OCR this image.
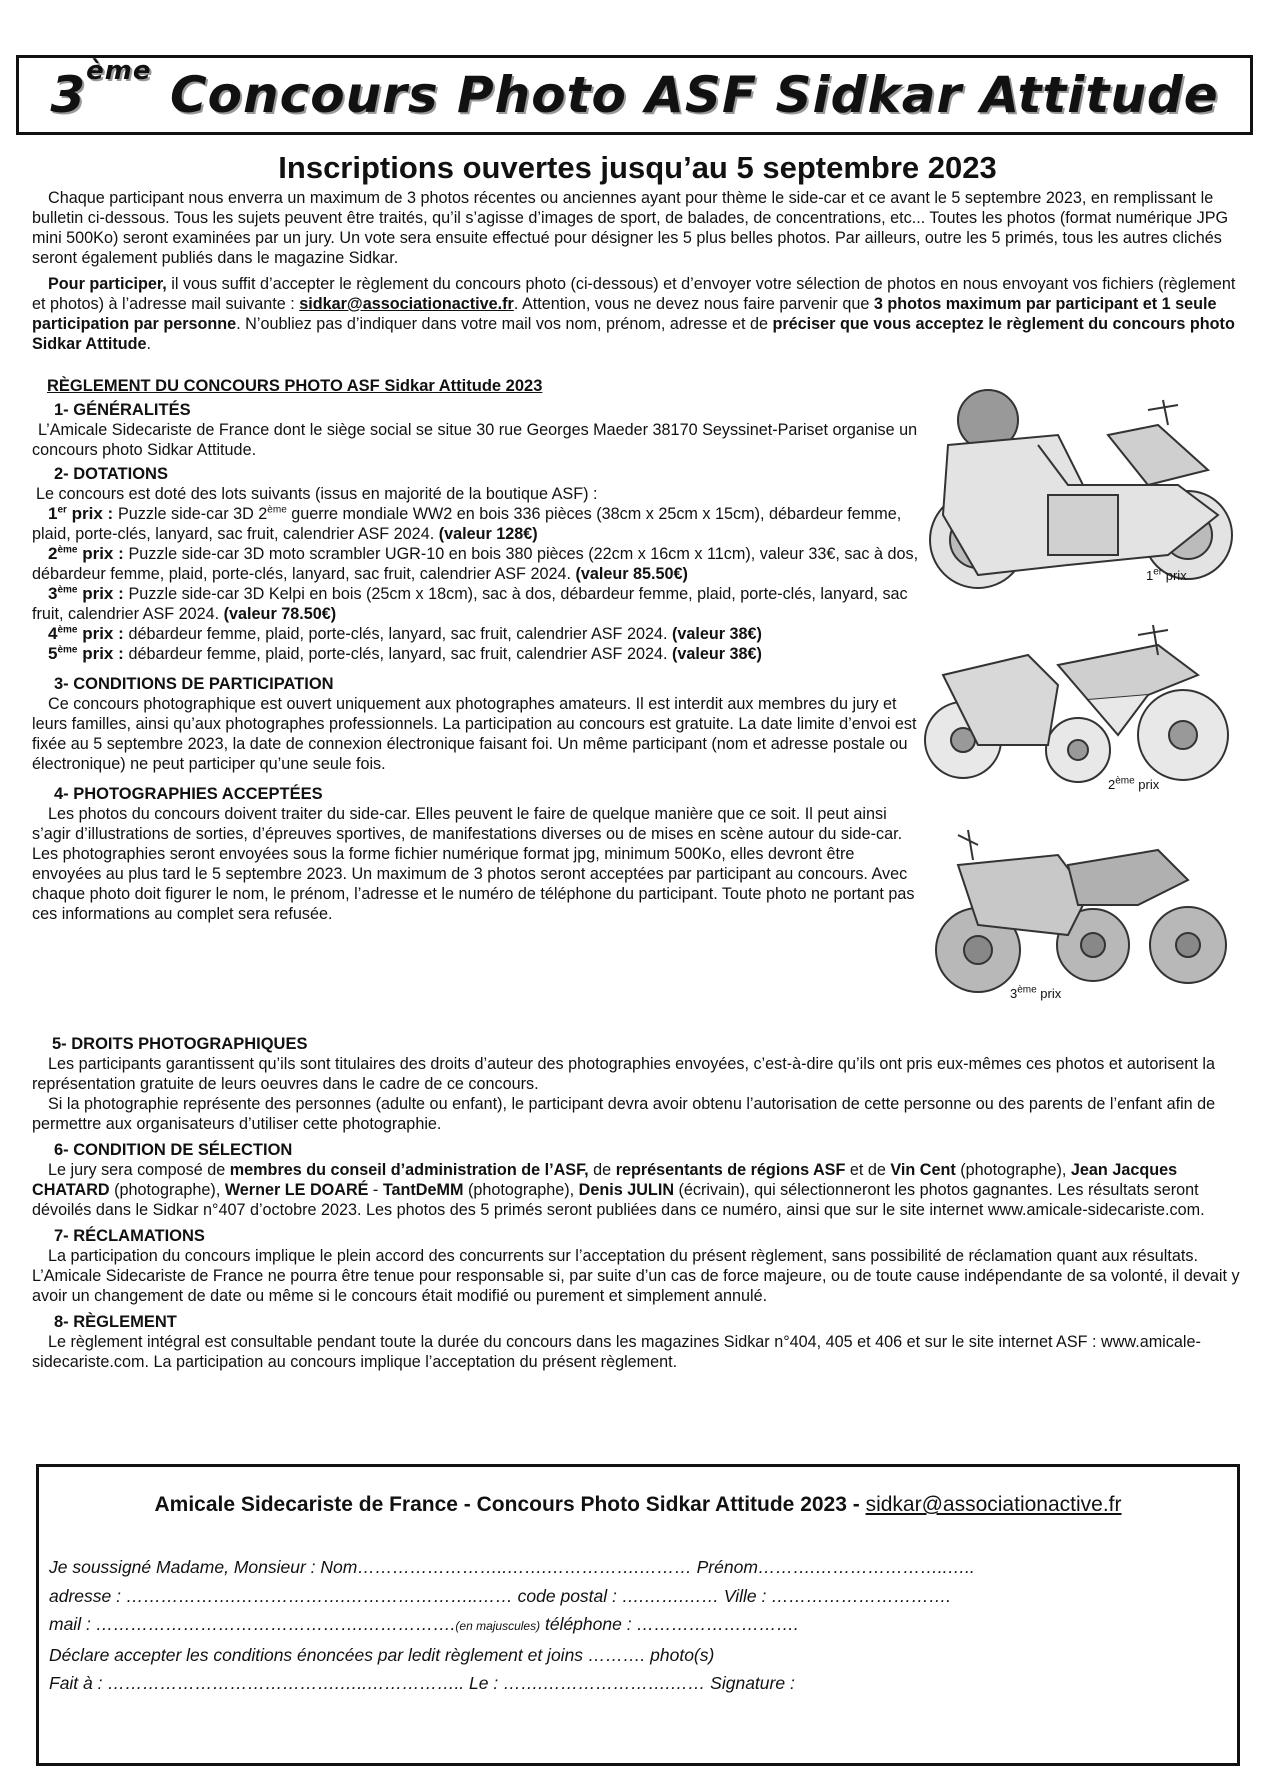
3ème Concours Photo ASF Sidkar Attitude
Inscriptions ouvertes jusqu’au 5 septembre 2023

Chaque participant nous enverra un maximum de 3 photos récentes ou anciennes ayant pour thème le side-car et ce avant le 5 septembre 2023, en remplissant le bulletin ci-dessous. Tous les sujets peuvent être traités, qu’il s’agisse d’images de sport, de balades, de concentrations, etc... Toutes les photos (format numérique JPG mini 500Ko) seront examinées par un jury. Un vote sera ensuite effectué pour désigner les 5 plus belles photos. Par ailleurs, outre les 5 primés, tous les autres clichés seront également publiés dans le magazine Sidkar.

Pour participer, il vous suffit d’accepter le règlement du concours photo (ci-dessous) et d’envoyer votre sélection de photos en nous envoyant vos fichiers (règlement et photos) à l’adresse mail suivante : sidkar@associationactive.fr. Attention, vous ne devez nous faire parvenir que 3 photos maximum par participant et 1 seule participation par personne. N’oubliez pas d’indiquer dans votre mail vos nom, prénom, adresse et de préciser que vous acceptez le règlement du concours photo Sidkar Attitude.

RÈGLEMENT DU CONCOURS PHOTO ASF Sidkar Attitude 2023
1- GÉNÉRALITÉS

L’Amicale Sidecariste de France dont le siège social se situe 30 rue Georges Maeder 38170 Seyssinet-Pariset organise un concours photo Sidkar Attitude.

2- DOTATIONS

Le concours est doté des lots suivants (issus en majorité de la boutique ASF) :

1er prix : Puzzle side-car 3D 2ème guerre mondiale WW2 en bois 336 pièces (38cm x 25cm x 15cm), débardeur femme, plaid, porte-clés, lanyard, sac fruit, calendrier ASF 2024. (valeur 128€)

2ème prix : Puzzle side-car 3D moto scrambler UGR-10 en bois 380 pièces (22cm x 16cm x 11cm), valeur 33€, sac à dos, débardeur femme, plaid, porte-clés, lanyard, sac fruit, calendrier ASF 2024. (valeur 85.50€)

3ème prix : Puzzle side-car 3D Kelpi en bois (25cm x 18cm), sac à dos, débardeur femme, plaid, porte-clés, lanyard, sac fruit, calendrier ASF 2024. (valeur 78.50€)

4ème prix : débardeur femme, plaid, porte-clés, lanyard, sac fruit, calendrier ASF 2024. (valeur 38€)

5ème prix : débardeur femme, plaid, porte-clés, lanyard, sac fruit, calendrier ASF 2024. (valeur 38€)

3- CONDITIONS DE PARTICIPATION

Ce concours photographique est ouvert uniquement aux photographes amateurs. Il est interdit aux membres du jury et leurs familles, ainsi qu’aux photographes professionnels. La participation au concours est gratuite. La date limite d’envoi est fixée au 5 septembre 2023, la date de connexion électronique faisant foi. Un même participant (nom et adresse postale ou électronique) ne peut participer qu’une seule fois.

4- PHOTOGRAPHIES ACCEPTÉES

Les photos du concours doivent traiter du side-car. Elles peuvent le faire de quelque manière que ce soit. Il peut ainsi s’agir d’illustrations de sorties, d’épreuves sportives, de manifestations diverses ou de mises en scène autour du side-car. Les photographies seront envoyées sous la forme fichier numérique format jpg, minimum 500Ko, elles devront être envoyées au plus tard le 5 septembre 2023. Un maximum de 3 photos seront acceptées par participant au concours. Avec chaque photo doit figurer le nom, le prénom, l’adresse et le numéro de téléphone du participant. Toute photo ne portant pas ces informations au complet sera refusée.

5- DROITS PHOTOGRAPHIQUES

Les participants garantissent qu’ils sont titulaires des droits d’auteur des photographies envoyées, c’est-à-dire qu’ils ont pris eux-mêmes ces photos et autorisent la représentation gratuite de leurs oeuvres dans le cadre de ce concours.

Si la photographie représente des personnes (adulte ou enfant), le participant devra avoir obtenu l’autorisation de cette personne ou des parents de l’enfant afin de permettre aux organisateurs d’utiliser cette photographie.

6- CONDITION DE SÉLECTION

Le jury sera composé de membres du conseil d’administration de l’ASF, de représentants de régions ASF et de Vin Cent (photographe), Jean Jacques CHATARD (photographe), Werner LE DOARÉ - TantDeMM (photographe), Denis JULIN (écrivain), qui sélectionneront les photos gagnantes. Les résultats seront dévoilés dans le Sidkar n°407 d’octobre 2023. Les photos des 5 primés seront publiées dans ce numéro, ainsi que sur le site internet www.amicale-sidecariste.com.

7- RÉCLAMATIONS

La participation du concours implique le plein accord des concurrents sur l’acceptation du présent règlement, sans possibilité de réclamation quant aux résultats. L’Amicale Sidecariste de France ne pourra être tenue pour responsable si, par suite d’un cas de force majeure, ou de toute cause indépendante de sa volonté, il devait y avoir un changement de date ou même si le concours était modifié ou purement et simplement annulé.

8- RÈGLEMENT

Le règlement intégral est consultable pendant toute la durée du concours dans les magazines Sidkar n°404, 405 et 406 et sur le site internet ASF : www.amicale-sidecariste.com. La participation au concours implique l’acceptation du présent règlement.

1er prix
2ème prix
3ème prix
Amicale Sidecariste de France - Concours Photo Sidkar Attitude 2023 - sidkar@associationactive.fr
Je soussigné Madame, Monsieur : Nom……………………..…….…………….……… Prénom……….…………………..…..
adresse : ……………….……………….…………………..…… code postal : ….…….…… Ville : ………………………….
mail : ……………………………………….…………….(en majuscules) téléphone : ……………………….
Déclare accepter les conditions énoncées par ledit règlement et joins ………. photo(s)
Fait à : ………………………………….…..…………….. Le : …….………………….…… Signature :
